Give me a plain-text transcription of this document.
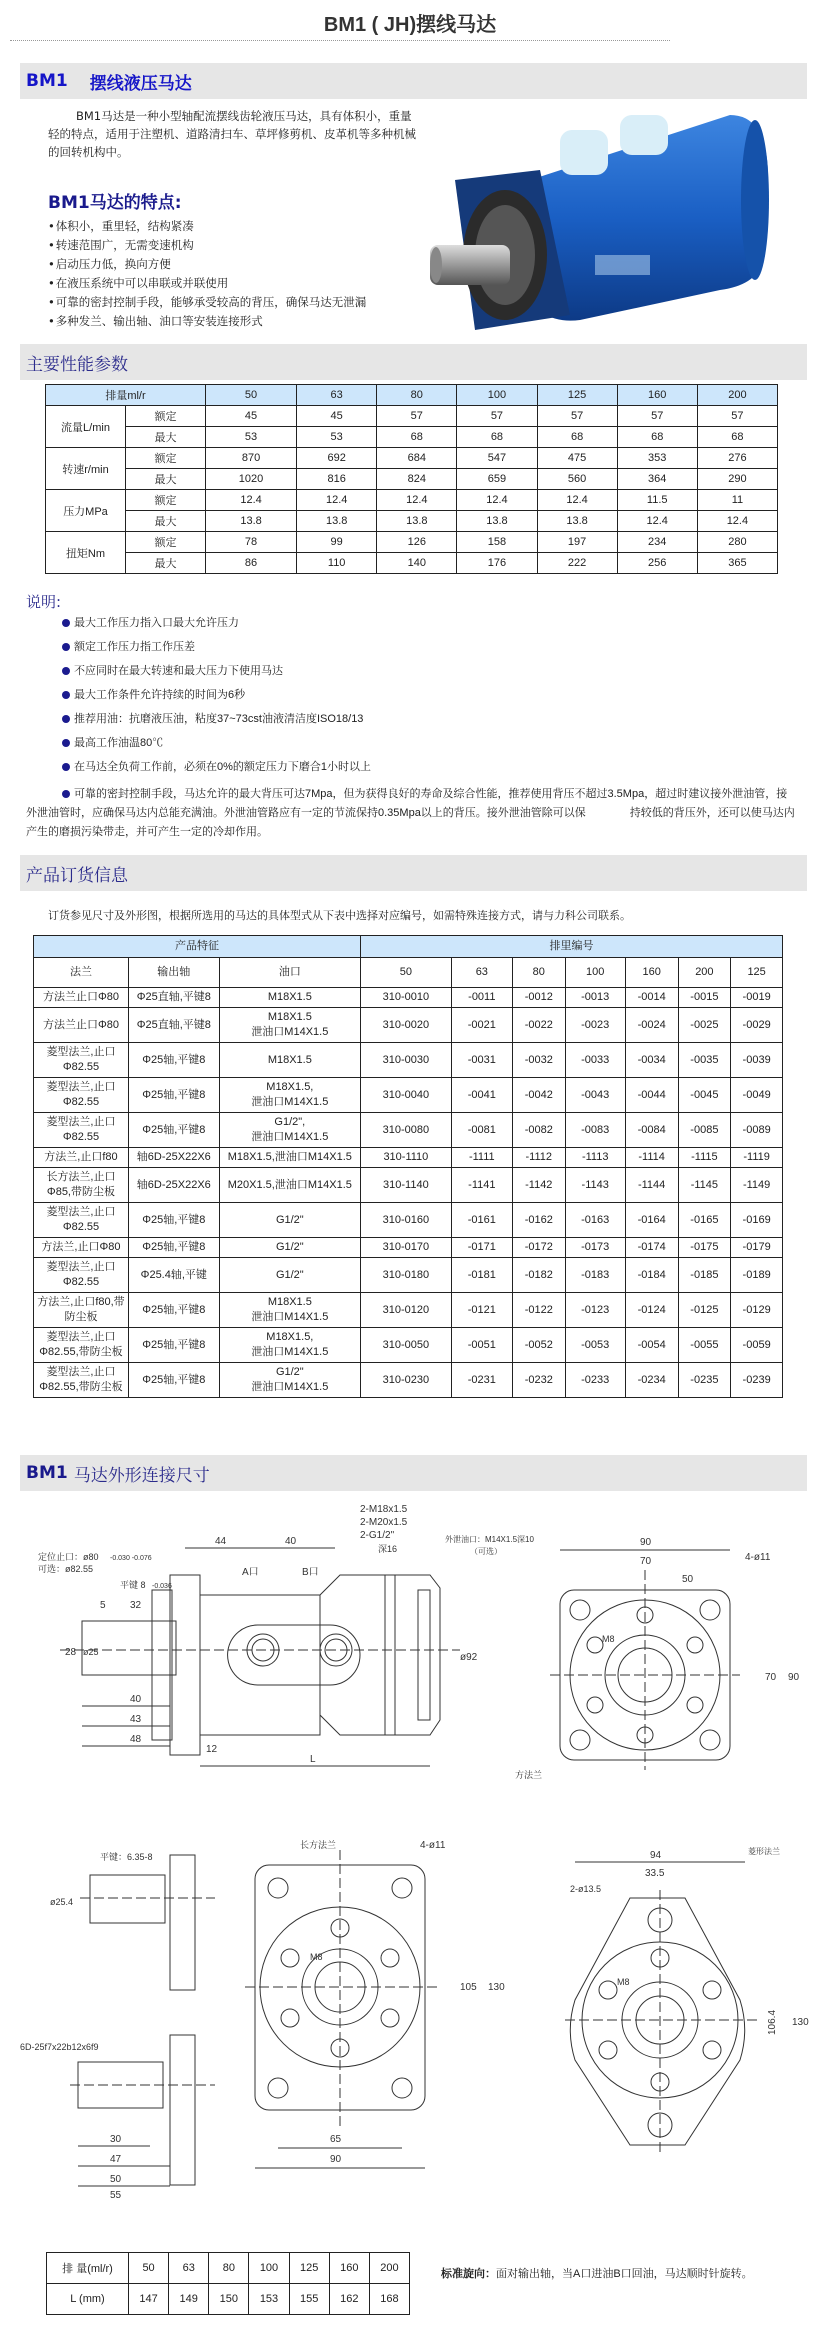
BM1 ( JH)摆线马达
BM1 摆线液压马达

BM1马达是一种小型轴配流摆线齿轮液压马达，具有体积小，重量轻的特点，适用于注塑机、道路清扫车、草坪修剪机、皮革机等多种机械的回转机构中。

BM1马达的特点:
• 体积小，重里轻，结构紧凑
• 转速范围广，无需变速机构
• 启动压力低，换向方便
• 在液压系统中可以串联或并联使用
• 可靠的密封控制手段，能够承受较高的背压，确保马达无泄漏
• 多种发兰、输出轴、油口等安装连接形式
主要性能参数
排量ml/r		50	63	80	100	125	160	200
流量L/min	额定	45	45	57	57	57	57	57
	最大	53	53	68	68	68	68	68
转速r/min	额定	870	692	684	547	475	353	276
	最大	1020	816	824	659	560	364	290
压力MPa	额定	12.4	12.4	12.4	12.4	12.4	11.5	11
	最大	13.8	13.8	13.8	13.8	13.8	12.4	12.4
扭矩Nm	额定	78	99	126	158	197	234	280
	最大	86	110	140	176	222	256	365
说明:
最大工作压力指入口最大允许压力
额定工作压力指工作压差
不应同时在最大转速和最大压力下使用马达
最大工作条件允许持续的时间为6秒
推荐用油：抗磨液压油，粘度37~73cst油液清洁度ISO18/13
最高工作油温80℃
在马达全负荷工作前，必须在0%的额定压力下磨合1小时以上

可靠的密封控制手段，马达允许的最大背压可达7Mpa，但为获得良好的寿命及综合性能，推荐使用背压不超过3.5Mpa，超过时建议接外泄油管，接外泄油管时，应确保马达内总能充满油。外泄油管路应有一定的节流保持0.35Mpa以上的背压。接外泄油管除可以保　　　　持较低的背压外，还可以使马达内产生的磨损污染带走，并可产生一定的冷却作用。

产品订货信息
订货参见尺寸及外形图，根据所选用的马达的具体型式从下表中选择对应编号，如需特殊连接方式，请与力科公司联系。
产品特征			排里编号						
法兰	输出轴	油口	50	63	80	100	160	200	125
方法兰止口Φ80	Φ25直轴,平键8	M18X1.5	310-0010	-0011	-0012	-0013	-0014	-0015	-0019
方法兰止口Φ80	Φ25直轴,平键8	M18X1.5
泄油口M14X1.5	310-0020	-0021	-0022	-0023	-0024	-0025	-0029
菱型法兰,止口
Φ82.55	Φ25轴,平键8	M18X1.5	310-0030	-0031	-0032	-0033	-0034	-0035	-0039
菱型法兰,止口
Φ82.55	Φ25轴,平键8	M18X1.5,
泄油口M14X1.5	310-0040	-0041	-0042	-0043	-0044	-0045	-0049
菱型法兰,止口
Φ82.55	Φ25轴,平键8	G1/2",
泄油口M14X1.5	310-0080	-0081	-0082	-0083	-0084	-0085	-0089
方法兰,止口f80	轴6D-25X22X6	M18X1.5,泄油口M14X1.5	310-1110	-1111	-1112	-1113	-1114	-1115	-1119
长方法兰,止口
Φ85,带防尘板	轴6D-25X22X6	M20X1.5,泄油口M14X1.5	310-1140	-1141	-1142	-1143	-1144	-1145	-1149
菱型法兰,止口
Φ82.55	Φ25轴,平键8	G1/2"	310-0160	-0161	-0162	-0163	-0164	-0165	-0169
方法兰,止口Φ80	Φ25轴,平键8	G1/2"	310-0170	-0171	-0172	-0173	-0174	-0175	-0179
菱型法兰,止口
Φ82.55	Φ25.4轴,平键	G1/2"	310-0180	-0181	-0182	-0183	-0184	-0185	-0189
方法兰,止口f80,带
防尘板	Φ25轴,平键8	M18X1.5
泄油口M14X1.5	310-0120	-0121	-0122	-0123	-0124	-0125	-0129
菱型法兰,止口
Φ82.55,带防尘板	Φ25轴,平键8	M18X1.5,
泄油口M14X1.5	310-0050	-0051	-0052	-0053	-0054	-0055	-0059
菱型法兰,止口
Φ82.55,带防尘板	Φ25轴,平键8	G1/2"
泄油口M14X1.5	310-0230	-0231	-0232	-0233	-0234	-0235	-0239
BM1 马达外形连接尺寸
定位止口：ø80 -0.030 -0.076
可选：ø82.55
44	40
A口	B口
2-M18x1.5
2-M20x1.5
2-G1/2"
深16
外泄油口：M14X1.5深10
（可选）
平键 8 -0.036
5 32
28 ø25
40
43
48
12
L
ø92
90
70
50
4-ø11
M8
70 90
方法兰
平键：6.35-8
ø25.4
6D-25f7x22b12x6f9
30
47
长方法兰	4-ø11
M8
105 130
65
90
94
33.5
2-ø13.5
菱形法兰
M8
106.4 130
50
55
排 量(ml/r)	50	63	80	100	125	160	200
L (mm)	147	149	150	153	155	162	168

标准旋向：面对输出轴，当A口进油B口回油，马达顺时针旋转。
